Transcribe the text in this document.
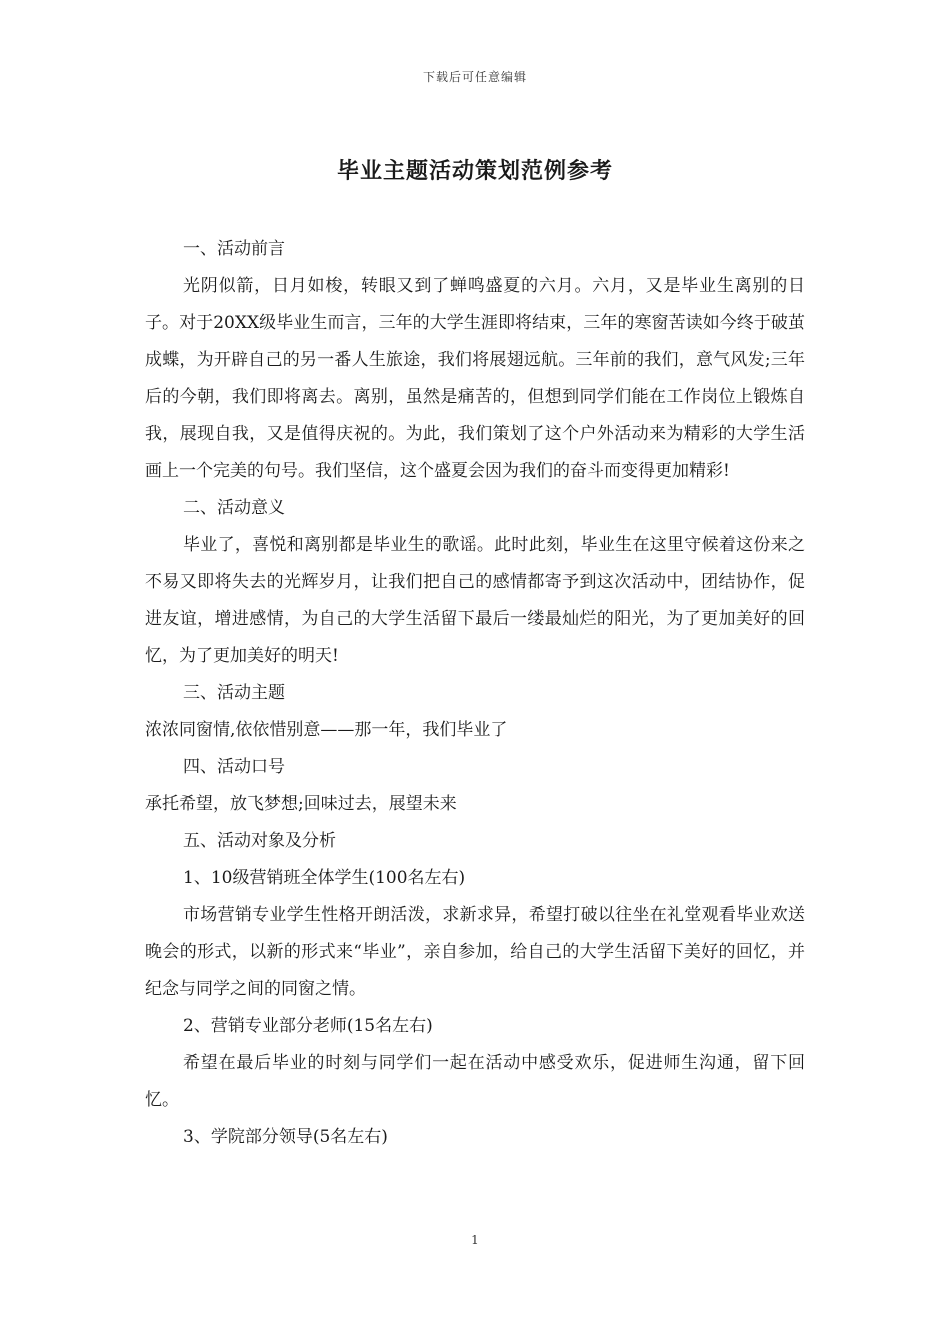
下载后可任意编辑
毕业主题活动策划范例参考

一、活动前言

光阴似箭，日月如梭，转眼又到了蝉鸣盛夏的六月。六月，又是毕业生离别的日子。对于20XX级毕业生而言，三年的大学生涯即将结束，三年的寒窗苦读如今终于破茧成蝶，为开辟自己的另一番人生旅途，我们将展翅远航。三年前的我们，意气风发;三年后的今朝，我们即将离去。离别，虽然是痛苦的，但想到同学们能在工作岗位上锻炼自我，展现自我，又是值得庆祝的。为此，我们策划了这个户外活动来为精彩的大学生活画上一个完美的句号。我们坚信，这个盛夏会因为我们的奋斗而变得更加精彩!

二、活动意义

毕业了，喜悦和离别都是毕业生的歌谣。此时此刻，毕业生在这里守候着这份来之不易又即将失去的光辉岁月，让我们把自己的感情都寄予到这次活动中，团结协作，促进友谊，增进感情，为自己的大学生活留下最后一缕最灿烂的阳光，为了更加美好的回忆，为了更加美好的明天!

三、活动主题

浓浓同窗情,依依惜别意——那一年，我们毕业了

四、活动口号

承托希望，放飞梦想;回味过去，展望未来

五、活动对象及分析

1、10级营销班全体学生(100名左右)

市场营销专业学生性格开朗活泼，求新求异，希望打破以往坐在礼堂观看毕业欢送晚会的形式，以新的形式来“毕业”，亲自参加，给自己的大学生活留下美好的回忆，并纪念与同学之间的同窗之情。

2、营销专业部分老师(15名左右)

希望在最后毕业的时刻与同学们一起在活动中感受欢乐，促进师生沟通，留下回忆。

3、学院部分领导(5名左右)

1
